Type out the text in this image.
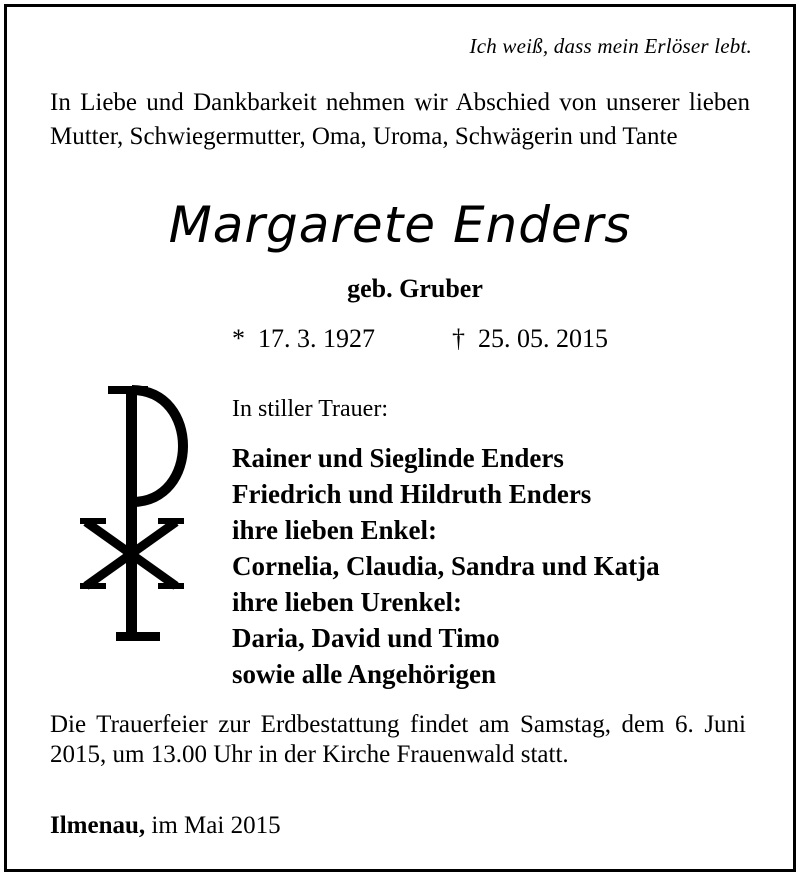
Ich weiß, dass mein Erlöser lebt.
In Liebe und Dankbarkeit nehmen wir Abschied von unserer lieben Mutter, Schwiegermutter, Oma, Uroma, Schwägerin und Tante
Margarete Enders
geb. Gruber
*  17. 3. 1927	†  25. 05. 2015
In stiller Trauer:
Rainer und Sieglinde Enders
Friedrich und Hildruth Enders
ihre lieben Enkel:
Cornelia, Claudia, Sandra und Katja
ihre lieben Urenkel:
Daria, David und Timo
sowie alle Angehörigen
Die Trauerfeier zur Erdbestattung findet am Samstag, dem 6. Juni 2015, um 13.00 Uhr in der Kirche Frauenwald statt.
Ilmenau, im Mai 2015
